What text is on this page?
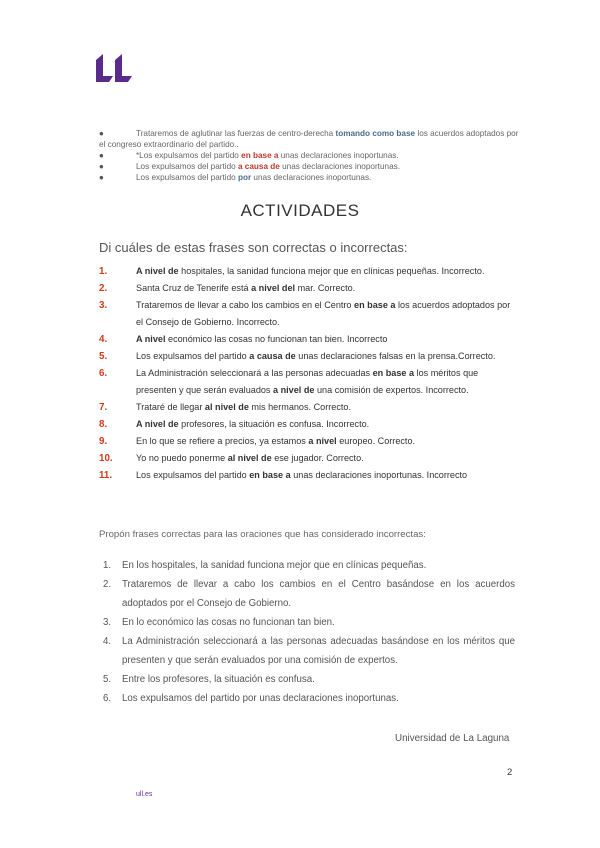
●	Trataremos de aglutinar las fuerzas de centro-derecha tomando como base los acuerdos adoptados por el congreso extraordinario del partido..
●	*Los expulsamos del partido en base a unas declaraciones inoportunas.
●	Los expulsamos del partido a causa de unas declaraciones inoportunas.
●	Los expulsamos del partido por unas declaraciones inoportunas.
ACTIVIDADES
Di cuáles de estas frases son correctas o incorrectas:
1.	A nivel de hospitales, la sanidad funciona mejor que en clínicas pequeñas. Incorrecto.
2.	Santa Cruz de Tenerife está a nivel del mar. Correcto.
3.	Trataremos de llevar a cabo los cambios en el Centro en base a los acuerdos adoptados por el Consejo de Gobierno. Incorrecto.
4.	A nivel económico las cosas no funcionan tan bien. Incorrecto
5.	Los expulsamos del partido a causa de unas declaraciones falsas en la prensa.Correcto.
6.	La Administración seleccionará a las personas adecuadas en base a los méritos que presenten y que serán evaluados a nivel de una comisión de expertos. Incorrecto.
7.	Trataré de llegar al nivel de mis hermanos. Correcto.
8.	A nivel de profesores, la situación es confusa. Incorrecto.
9.	En lo que se refiere a precios, ya estamos a nivel europeo. Correcto.
10.	Yo no puedo ponerme al nivel de ese jugador. Correcto.
11.	Los expulsamos del partido en base a unas declaraciones inoportunas. Incorrecto
Propón frases correctas para las oraciones que has considerado incorrectas:
1. En los hospitales, la sanidad funciona mejor que en clínicas pequeñas.
2. Trataremos de llevar a cabo los cambios en el Centro basándose en los acuerdos adoptados por el Consejo de Gobierno.
3. En lo económico las cosas no funcionan tan bien.
4. La Administración seleccionará a las personas adecuadas basándose en los méritos que presenten y que serán evaluados por una comisión de expertos.
5. Entre los profesores, la situación es confusa.
6. Los expulsamos del partido por unas declaraciones inoportunas.
Universidad de La Laguna
2
ull.es
